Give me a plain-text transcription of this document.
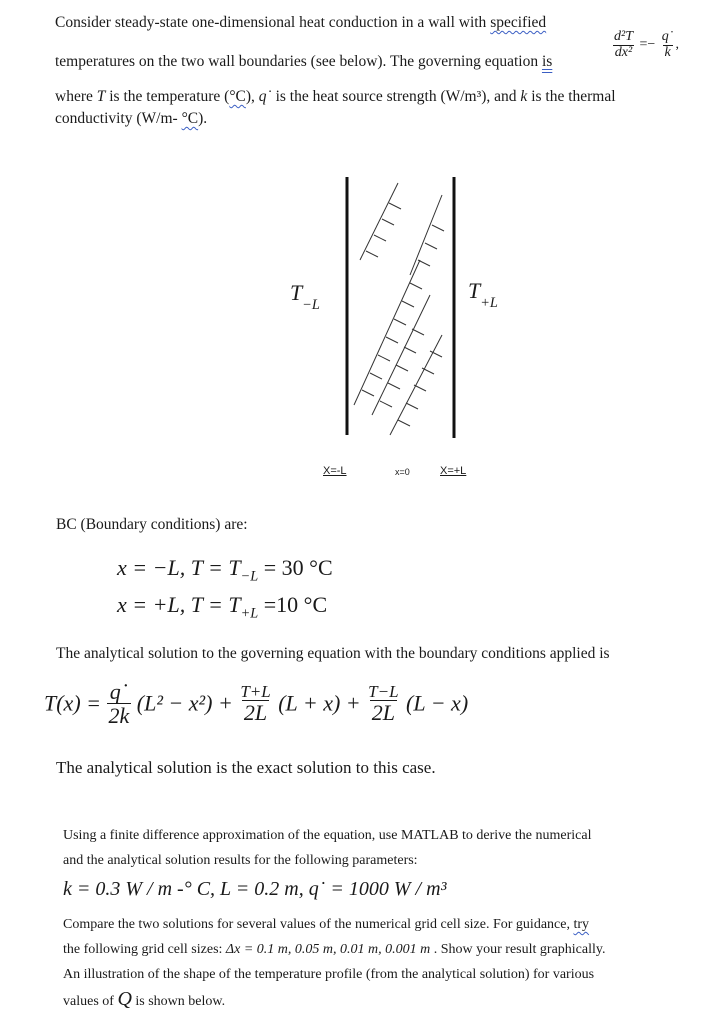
Consider steady-state one-dimensional heat conduction in a wall with specified
$\frac{\text{d²T}}{\text{dx²}} =- \frac{q˙}{k}$ ,
temperatures on the two wall boundaries (see below). The governing equation is
where T is the temperature (°C), q˙ is the heat source strength (W/m³), and k is the thermal
conductivity (W/m- °C).
$T_{-L}$
$T_{+L}$
X=-L	x=0	X=+L
BC (Boundary conditions) are:
x = −L, $T = T_{-L} = 30$ °C
x = +L, $T = T_{+L} =10$ °C
The analytical solution to the governing equation with the boundary conditions applied is
$T(x) = \frac{q˙}{2k} (L^2 - x^2) + \frac{T+L}{2L} (L + x) + \frac{T-L}{2L} (L - x)$
The analytical solution is the exact solution to this case.
Using a finite difference approximation of the equation, use MATLAB to derive the numerical
and the analytical solution results for the following parameters:
k = 0.3 W / m -° C, L = 0.2 m, q˙ = 1000 W / m³
Compare the two solutions for several values of the numerical grid cell size. For guidance, try
the following grid cell sizes: Δx = 0.1 m, 0.05 m, 0.01 m, 0.001 m . Show your result graphically.
An illustration of the shape of the temperature profile (from the analytical solution) for various
values of Q is shown below.
